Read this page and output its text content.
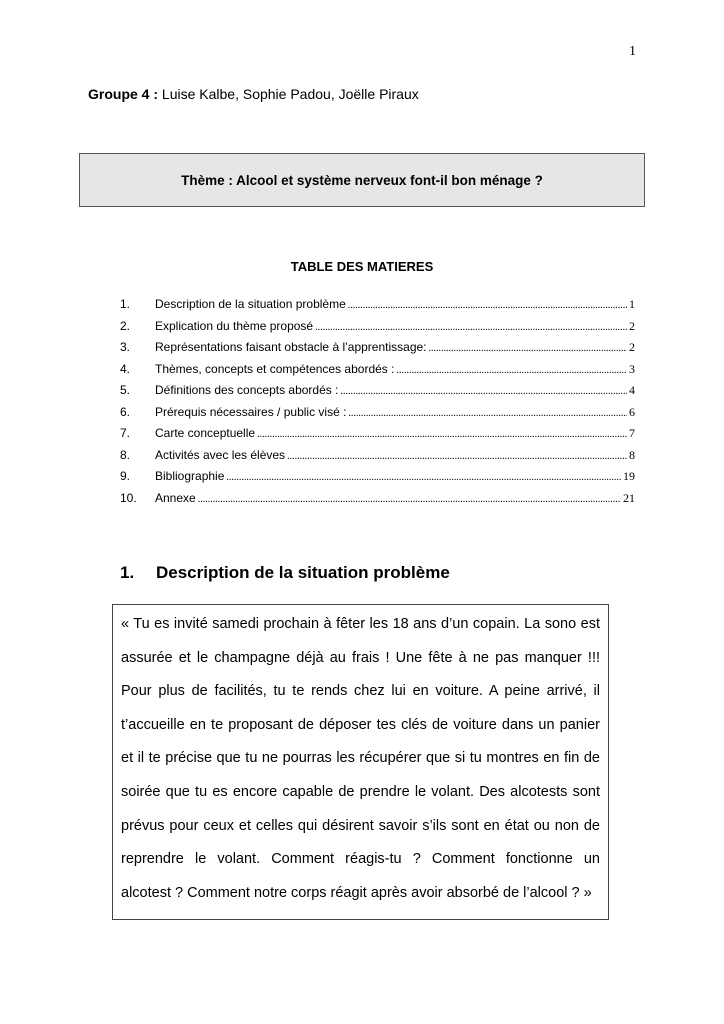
1
Groupe 4 : Luise Kalbe, Sophie Padou, Joëlle Piraux
Thème : Alcool et système nerveux font-il bon ménage ?
TABLE DES MATIERES
1.	Description de la situation problème .....	1
2.	Explication du thème proposé .....	2
3.	Représentations faisant obstacle à l’apprentissage: .....	2
4.	Thèmes, concepts et compétences abordés : .....	3
5.	Définitions des concepts abordés : .....	4
6.	Prérequis nécessaires / public visé : .....	6
7.	Carte conceptuelle .....	7
8.	Activités avec les élèves .....	8
9.	Bibliographie .....	19
10.	Annexe .....	21
1. Description de la situation problème
« Tu es invité samedi prochain à fêter les 18 ans d’un copain. La sono est
assurée et le champagne déjà au frais ! Une fête à ne pas manquer !!!
Pour plus de facilités, tu te rends chez lui en voiture. A peine arrivé, il
t’accueille en te proposant de déposer tes clés de voiture dans un panier
et il te précise que tu ne pourras les récupérer que si tu montres en fin de
soirée que tu es encore capable de prendre le volant. Des alcotests sont
prévus pour ceux et celles qui désirent savoir s’ils sont en état ou non de
reprendre le volant. Comment réagis-tu ? Comment fonctionne un
alcotest ? Comment notre corps réagit après avoir absorbé de l’alcool ? »
